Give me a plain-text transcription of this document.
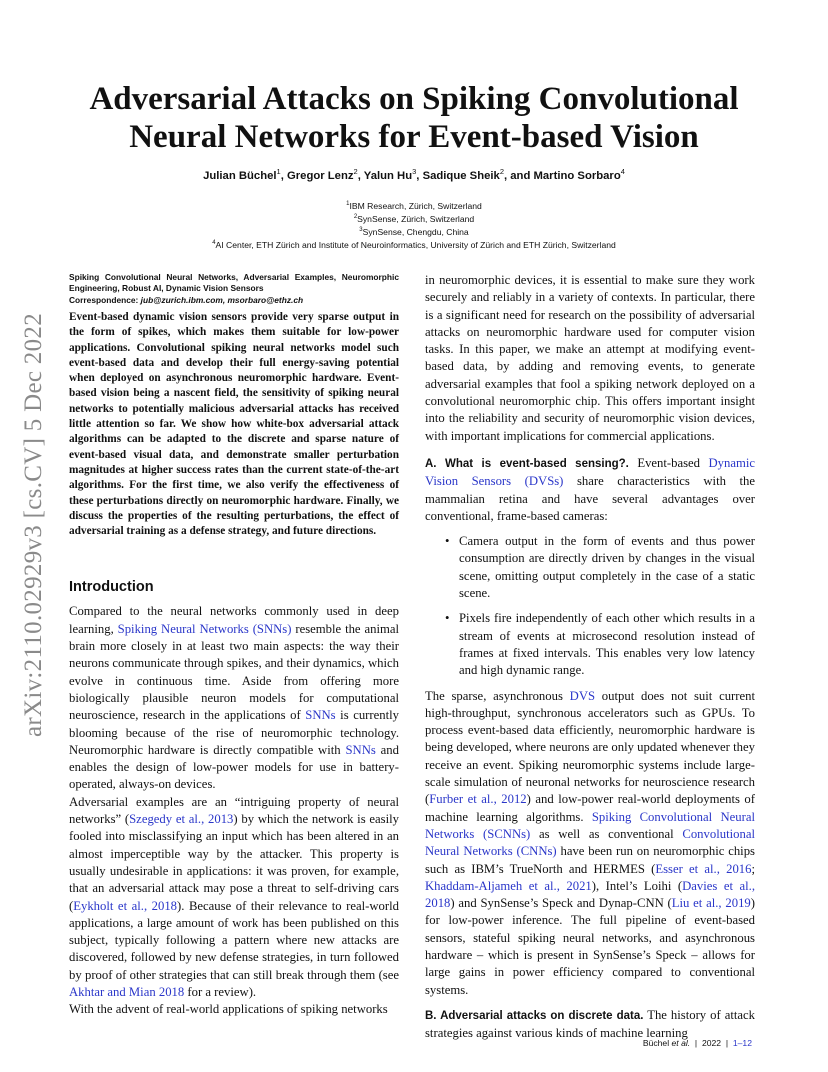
arXiv:2110.02929v3 [cs.CV] 5 Dec 2022
Adversarial Attacks on Spiking Convolutional
Neural Networks for Event-based Vision
Julian Büchel$^1$, Gregor Lenz$^2$, Yalun Hu$^3$, Sadique Sheik$^2$, and Martino Sorbaro$^4$
$^1$IBM Research, Zürich, Switzerland
$^2$SynSense, Zürich, Switzerland
$^3$SynSense, Chengdu, China
$^4$AI Center, ETH Zürich and Institute of Neuroinformatics, University of Zürich and ETH Zürich, Switzerland
Spiking Convolutional Neural Networks, Adversarial Examples, Neuromorphic Engineering, Robust AI, Dynamic Vision Sensors
Correspondence: jub@zurich.ibm.com, msorbaro@ethz.ch
Event-based dynamic vision sensors provide very sparse output in the form of spikes, which makes them suitable for low-power applications. Convolutional spiking neural networks model such event-based data and develop their full energy-saving potential when deployed on asynchronous neuromorphic hardware. Event-based vision being a nascent field, the sensitivity of spiking neural networks to potentially malicious adversarial attacks has received little attention so far. We show how white-box adversarial attack algorithms can be adapted to the discrete and sparse nature of event-based visual data, and demonstrate smaller perturbation magnitudes at higher success rates than the current state-of-the-art algorithms. For the first time, we also verify the effectiveness of these perturbations directly on neuromorphic hardware. Finally, we discuss the properties of the resulting perturbations, the effect of adversarial training as a defense strategy, and future directions.
Introduction

Compared to the neural networks commonly used in deep learning, Spiking Neural Networks (SNNs) resemble the animal brain more closely in at least two main aspects: the way their neurons communicate through spikes, and their dynamics, which evolve in continuous time. Aside from offering more biologically plausible neuron models for computational neuroscience, research in the applications of SNNs is currently blooming because of the rise of neuromorphic technology. Neuromorphic hardware is directly compatible with SNNs and enables the design of low-power models for use in battery-operated, always-on devices.

Adversarial examples are an “intriguing property of neural networks” (Szegedy et al., 2013) by which the network is easily fooled into misclassifying an input which has been altered in an almost imperceptible way by the attacker. This property is usually undesirable in applications: it was proven, for example, that an adversarial attack may pose a threat to self-driving cars (Eykholt et al., 2018). Because of their relevance to real-world applications, a large amount of work has been published on this subject, typically following a pattern where new attacks are discovered, followed by new defense strategies, in turn followed by proof of other strategies that can still break through them (see Akhtar and Mian 2018 for a review).

With the advent of real-world applications of spiking networks

in neuromorphic devices, it is essential to make sure they work securely and reliably in a variety of contexts. In particular, there is a significant need for research on the possibility of adversarial attacks on neuromorphic hardware used for computer vision tasks. In this paper, we make an attempt at modifying event-based data, by adding and removing events, to generate adversarial examples that fool a spiking network deployed on a convolutional neuromorphic chip. This offers important insight into the reliability and security of neuromorphic vision devices, with important implications for commercial applications.

A. What is event-based sensing?. Event-based Dynamic Vision Sensors (DVSs) share characteristics with the mammalian retina and have several advantages over conventional, frame-based cameras:

• Camera output in the form of events and thus power consumption are directly driven by changes in the visual scene, omitting output completely in the case of a static scene.
• Pixels fire independently of each other which results in a stream of events at microsecond resolution instead of frames at fixed intervals. This enables very low latency and high dynamic range.

The sparse, asynchronous DVS output does not suit current high-throughput, synchronous accelerators such as GPUs. To process event-based data efficiently, neuromorphic hardware is being developed, where neurons are only updated whenever they receive an event. Spiking neuromorphic systems include large-scale simulation of neuronal networks for neuroscience research (Furber et al., 2012) and low-power real-world deployments of machine learning algorithms. Spiking Convolutional Neural Networks (SCNNs) as well as conventional Convolutional Neural Networks (CNNs) have been run on neuromorphic chips such as IBM’s TrueNorth and HERMES (Esser et al., 2016; Khaddam-Aljameh et al., 2021), Intel’s Loihi (Davies et al., 2018) and SynSense’s Speck and Dynap-CNN (Liu et al., 2019) for low-power inference. The full pipeline of event-based sensors, stateful spiking neural networks, and asynchronous hardware – which is present in SynSense’s Speck – allows for large gains in power efficiency compared to conventional systems.

B. Adversarial attacks on discrete data. The history of attack strategies against various kinds of machine learning

Büchel et al.  |  2022  |  1–12
